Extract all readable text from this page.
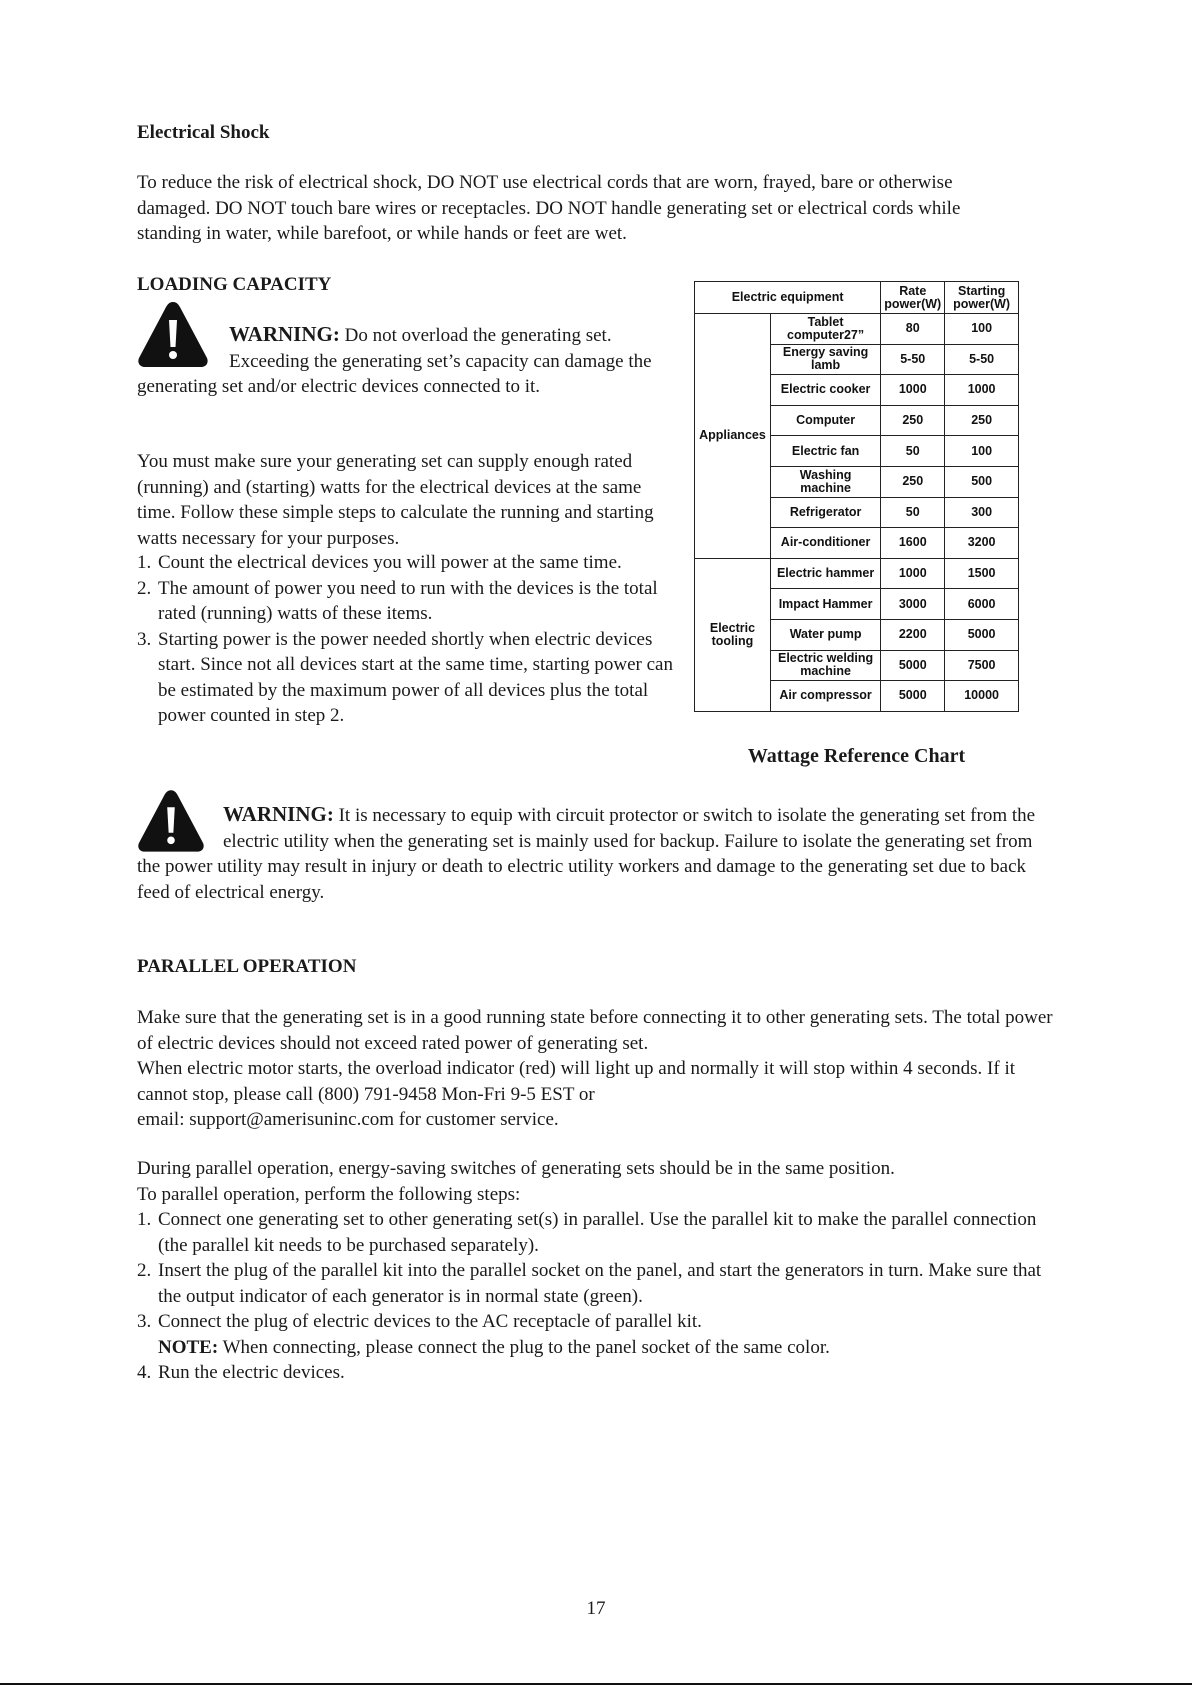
Electrical Shock

To reduce the risk of electrical shock, DO NOT use electrical cords that are worn, frayed, bare or otherwise damaged. DO NOT touch bare wires or receptacles. DO NOT handle generating set or electrical cords while standing in water, while barefoot, or while hands or feet are wet.

LOADING CAPACITY

WARNING: Do not overload the generating set. Exceeding the generating set’s capacity can damage the generating set and/or electric devices connected to it.

You must make sure your generating set can supply enough rated (running) and (starting) watts for the electrical devices at the same time. Follow these simple steps to calculate the running and starting watts necessary for your purposes.

1. Count the electrical devices you will power at the same time.
2. The amount of power you need to run with the devices is the total rated (running) watts of these items.
3. Starting power is the power needed shortly when electric devices start. Since not all devices start at the same time, starting power can be estimated by the maximum power of all devices plus the total power counted in step 2.
Electric equipment		Rate power(W)	Starting power(W)
Appliances	Tablet computer27”	80	100
	Energy saving lamb	5-50	5-50
	Electric cooker	1000	1000
	Computer	250	250
	Electric fan	50	100
	Washing machine	250	500
	Refrigerator	50	300
	Air-conditioner	1600	3200
Electric tooling	Electric hammer	1000	1500
	Impact Hammer	3000	6000
	Water pump	2200	5000
	Electric welding machine	5000	7500
	Air compressor	5000	10000
Wattage Reference Chart

WARNING: It is necessary to equip with circuit protector or switch to isolate the generating set from the electric utility when the generating set is mainly used for backup. Failure to isolate the generating set from the power utility may result in injury or death to electric utility workers and damage to the generating set due to back feed of electrical energy.

PARALLEL OPERATION

Make sure that the generating set is in a good running state before connecting it to other generating sets. The total power of electric devices should not exceed rated power of generating set.

When electric motor starts, the overload indicator (red) will light up and normally it will stop within 4 seconds. If it cannot stop, please call (800) 791-9458 Mon-Fri 9-5 EST or

email: support@amerisuninc.com for customer service.

During parallel operation, energy-saving switches of generating sets should be in the same position.

To parallel operation, perform the following steps:

1. Connect one generating set to other generating set(s) in parallel. Use the parallel kit to make the parallel connection (the parallel kit needs to be purchased separately).
2. Insert the plug of the parallel kit into the parallel socket on the panel, and start the generators in turn. Make sure that the output indicator of each generator is in normal state (green).
3. Connect the plug of electric devices to the AC receptacle of parallel kit.
NOTE: When connecting, please connect the plug to the panel socket of the same color.
4. Run the electric devices.
17
